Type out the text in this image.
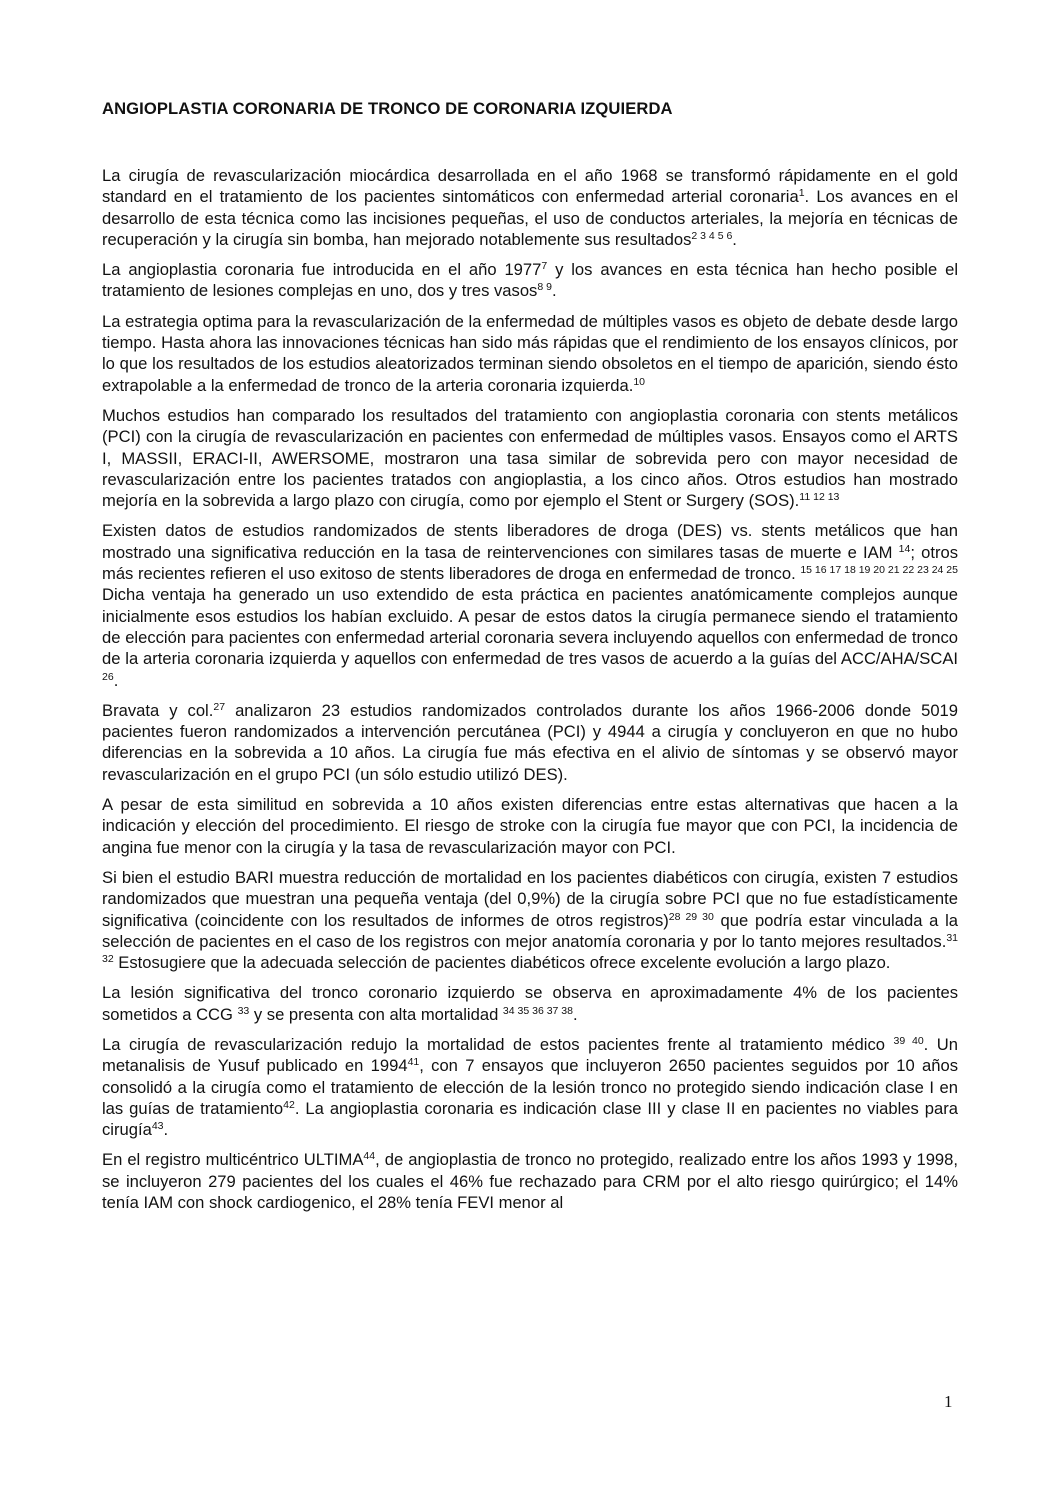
ANGIOPLASTIA CORONARIA DE TRONCO DE CORONARIA IZQUIERDA

La cirugía de revascularización miocárdica desarrollada en el año 1968 se transformó rápidamente en el gold standard en el tratamiento de los pacientes sintomáticos con enfermedad arterial coronaria$^1$. Los avances en el desarrollo de esta técnica como las incisiones pequeñas, el uso de conductos arteriales, la mejoría en técnicas de recuperación y la cirugía sin bomba, han mejorado notablemente sus resultados$^{2 3 4 5 6}$.

La angioplastia coronaria fue introducida en el año 1977$^7$ y los avances en esta técnica han hecho posible el tratamiento de lesiones complejas en uno, dos y tres vasos$^{8 9}$.

La estrategia optima para la revascularización de la enfermedad de múltiples vasos es objeto de debate desde largo tiempo. Hasta ahora las innovaciones técnicas han sido más rápidas que el rendimiento de los ensayos clínicos, por lo que los resultados de los estudios aleatorizados terminan siendo obsoletos en el tiempo de aparición, siendo ésto extrapolable a la enfermedad de tronco de la arteria coronaria izquierda.$^{10}$

Muchos estudios han comparado los resultados del tratamiento con angioplastia coronaria con stents metálicos (PCI) con la cirugía de revascularización en pacientes con enfermedad de múltiples vasos. Ensayos como el ARTS I, MASSII, ERACI-II, AWERSOME, mostraron una tasa similar de sobrevida pero con mayor necesidad de revascularización entre los pacientes tratados con angioplastia, a los cinco años. Otros estudios han mostrado mejoría en la sobrevida a largo plazo con cirugía, como por ejemplo el Stent or Surgery (SOS).$^{11 12 13}$

Existen datos de estudios randomizados de stents liberadores de droga (DES) vs. stents metálicos que han mostrado una significativa reducción en la tasa de reintervenciones con similares tasas de muerte e IAM $^{14}$; otros más recientes refieren el uso exitoso de stents liberadores de droga en enfermedad de tronco. $^{15 16 17 18 19 20 21 22 23 24 25}$ Dicha ventaja ha generado un uso extendido de esta práctica en pacientes anatómicamente complejos aunque inicialmente esos estudios los habían excluido. A pesar de estos datos la cirugía permanece siendo el tratamiento de elección para pacientes con enfermedad arterial coronaria severa incluyendo aquellos con enfermedad de tronco de la arteria coronaria izquierda y aquellos con enfermedad de tres vasos de acuerdo a la guías del ACC/AHA/SCAI $^{26}$.

Bravata y col.$^{27}$ analizaron 23 estudios randomizados controlados durante los años 1966-2006 donde 5019 pacientes fueron randomizados a intervención percutánea (PCI) y 4944 a cirugía y concluyeron en que no hubo diferencias en la sobrevida a 10 años. La cirugía fue más efectiva en el alivio de síntomas y se observó mayor revascularización en el grupo PCI (un sólo estudio utilizó DES).

A pesar de esta similitud en sobrevida a 10 años existen diferencias entre estas alternativas que hacen a la indicación y elección del procedimiento. El riesgo de stroke con la cirugía fue mayor que con PCI, la incidencia de angina fue menor con la cirugía y la tasa de revascularización mayor con PCI.

Si bien el estudio BARI muestra reducción de mortalidad en los pacientes diabéticos con cirugía, existen 7 estudios randomizados que muestran una pequeña ventaja (del 0,9%) de la cirugía sobre PCI que no fue estadísticamente significativa (coincidente con los resultados de informes de otros registros)$^{28 29 30}$ que podría estar vinculada a la selección de pacientes en el caso de los registros con mejor anatomía coronaria y por lo tanto mejores resultados.$^{31 32}$ Estosugiere que la adecuada selección de pacientes diabéticos ofrece excelente evolución a largo plazo.

La lesión significativa del tronco coronario izquierdo se observa en aproximadamente 4% de los pacientes sometidos a CCG $^{33}$ y se presenta con alta mortalidad $^{34 35 36 37 38}$.

La cirugía de revascularización redujo la mortalidad de estos pacientes frente al tratamiento médico $^{39 40}$. Un metanalisis de Yusuf publicado en 1994$^{41}$, con 7 ensayos que incluyeron 2650 pacientes seguidos por 10 años consolidó a la cirugía como el tratamiento de elección de la lesión tronco no protegido siendo indicación clase I en las guías de tratamiento$^{42}$. La angioplastia coronaria es indicación clase III y clase II en pacientes no viables para cirugía$^{43}$.

En el registro multicéntrico ULTIMA$^{44}$, de angioplastia de tronco no protegido, realizado entre los años 1993 y 1998, se incluyeron 279 pacientes del los cuales el 46% fue rechazado para CRM por el alto riesgo quirúrgico; el 14% tenía IAM con shock cardiogenico, el 28% tenía FEVI menor al

1
